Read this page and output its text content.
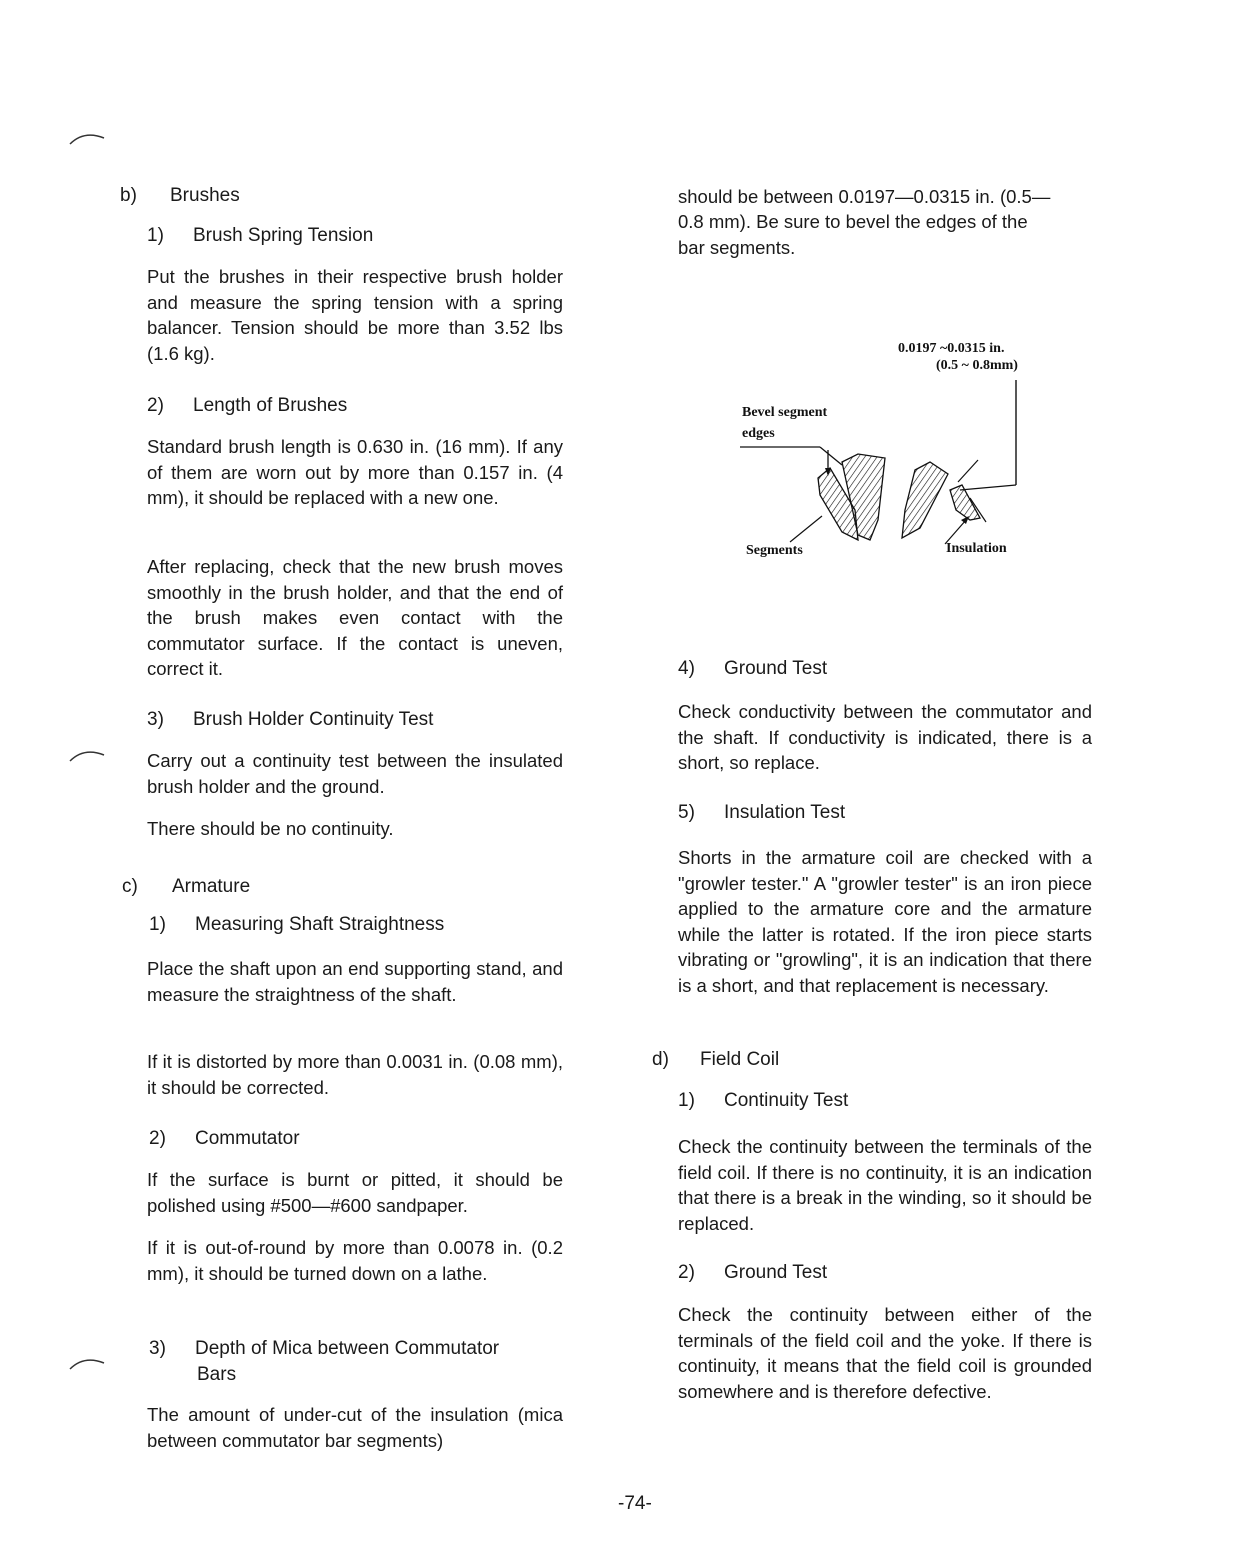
b) Brushes
1) Brush Spring Tension
Put the brushes in their respective brush holder and measure the spring tension with a spring balancer. Tension should be more than 3.52 lbs (1.6 kg).
2) Length of Brushes
Standard brush length is 0.630 in. (16 mm). If any of them are worn out by more than 0.157 in. (4 mm), it should be replaced with a new one.
After replacing, check that the new brush moves smoothly in the brush holder, and that the end of the brush makes even contact with the commutator surface. If the contact is uneven, correct it.
3) Brush Holder Continuity Test
Carry out a continuity test between the insulated brush holder and the ground.
There should be no continuity.
c) Armature
1) Measuring Shaft Straightness
Place the shaft upon an end supporting stand, and measure the straightness of the shaft.
If it is distorted by more than 0.0031 in. (0.08 mm), it should be corrected.
2) Commutator
If the surface is burnt or pitted, it should be polished using #500—#600 sandpaper.
If it is out-of-round by more than 0.0078 in. (0.2 mm), it should be turned down on a lathe.
3) Depth of Mica between Commutator
Bars
The amount of under-cut of the insulation (mica between commutator bar segments)
should be between 0.0197—0.0315 in. (0.5—
0.8 mm). Be sure to bevel the edges of the
bar segments.
0.0197 ~0.0315 in.
(0.5 ~ 0.8mm)
Bevel segment
edges
Segments	Insulation
4) Ground Test
Check conductivity between the commutator and the shaft. If conductivity is indicated, there is a short, so replace.
5) Insulation Test
Shorts in the armature coil are checked with a "growler tester." A "growler tester" is an iron piece applied to the armature core and the armature while the latter is rotated. If the iron piece starts vibrating or "growling", it is an indication that there is a short, and that replacement is necessary.
d) Field Coil
1) Continuity Test
Check the continuity between the terminals of the field coil. If there is no continuity, it is an indication that there is a break in the winding, so it should be replaced.
2) Ground Test
Check the continuity between either of the terminals of the field coil and the yoke. If there is continuity, it means that the field coil is grounded somewhere and is therefore defective.
-74-
